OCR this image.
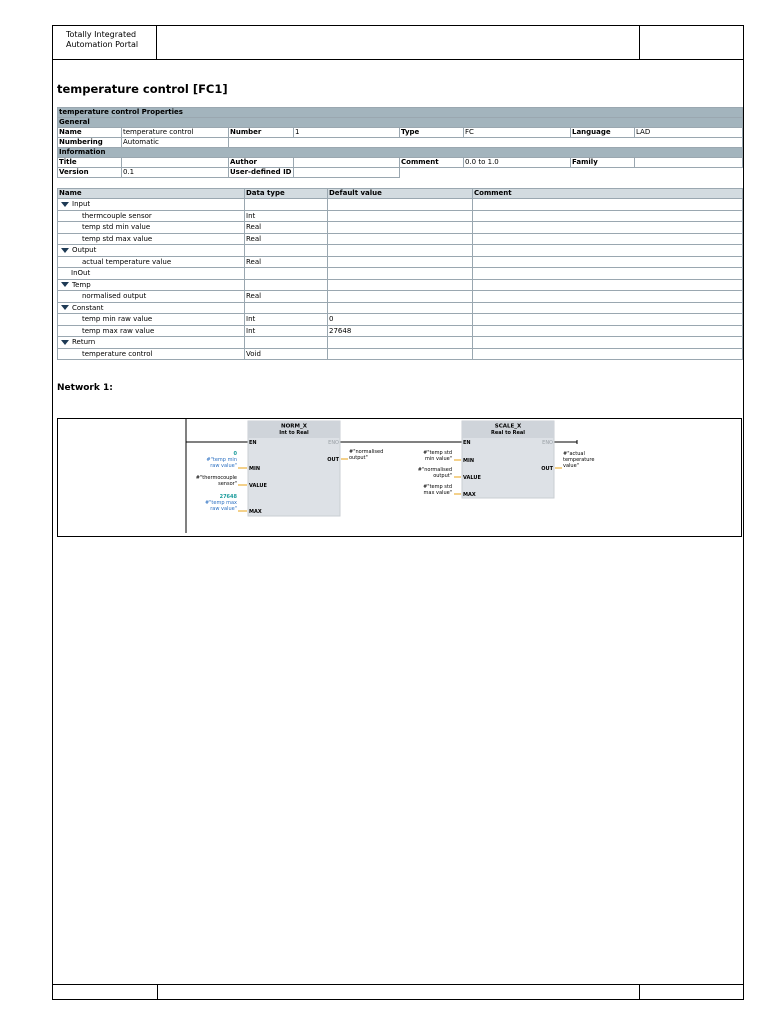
Totally Integrated
Automation Portal
temperature control [FC1]
temperature control Properties							
General							
Name	temperature control	Number	1	Type	FC	Language	LAD
Numbering	Automatic						
Information							
Title		Author		Comment	0.0 to 1.0	Family	
Version	0.1	User-defined ID					
Name	Data type	Default value	Comment
Input			
thermcouple sensor	Int		
temp std min value	Real		
temp std max value	Real		
Output			
actual temperature value	Real		
InOut			
Temp			
normalised output	Real		
Constant			
temp min raw value	Int	0	
temp max raw value	Int	27648	
Return			
temperature control	Void		
Network 1:
NORM_X
Int to Real
EN	ENO
MIN
VALUE
MAX
OUT
0
#"temp min
raw value"
#"thermocouple
sensor"
27648
#"temp max
raw value"
#"normalised
output"
SCALE_X
Real to Real
EN	ENO
MIN
VALUE
MAX
OUT
#"temp std
min value"
#"normalised
output"
#"temp std
max value"
#"actual
temperature
value"
